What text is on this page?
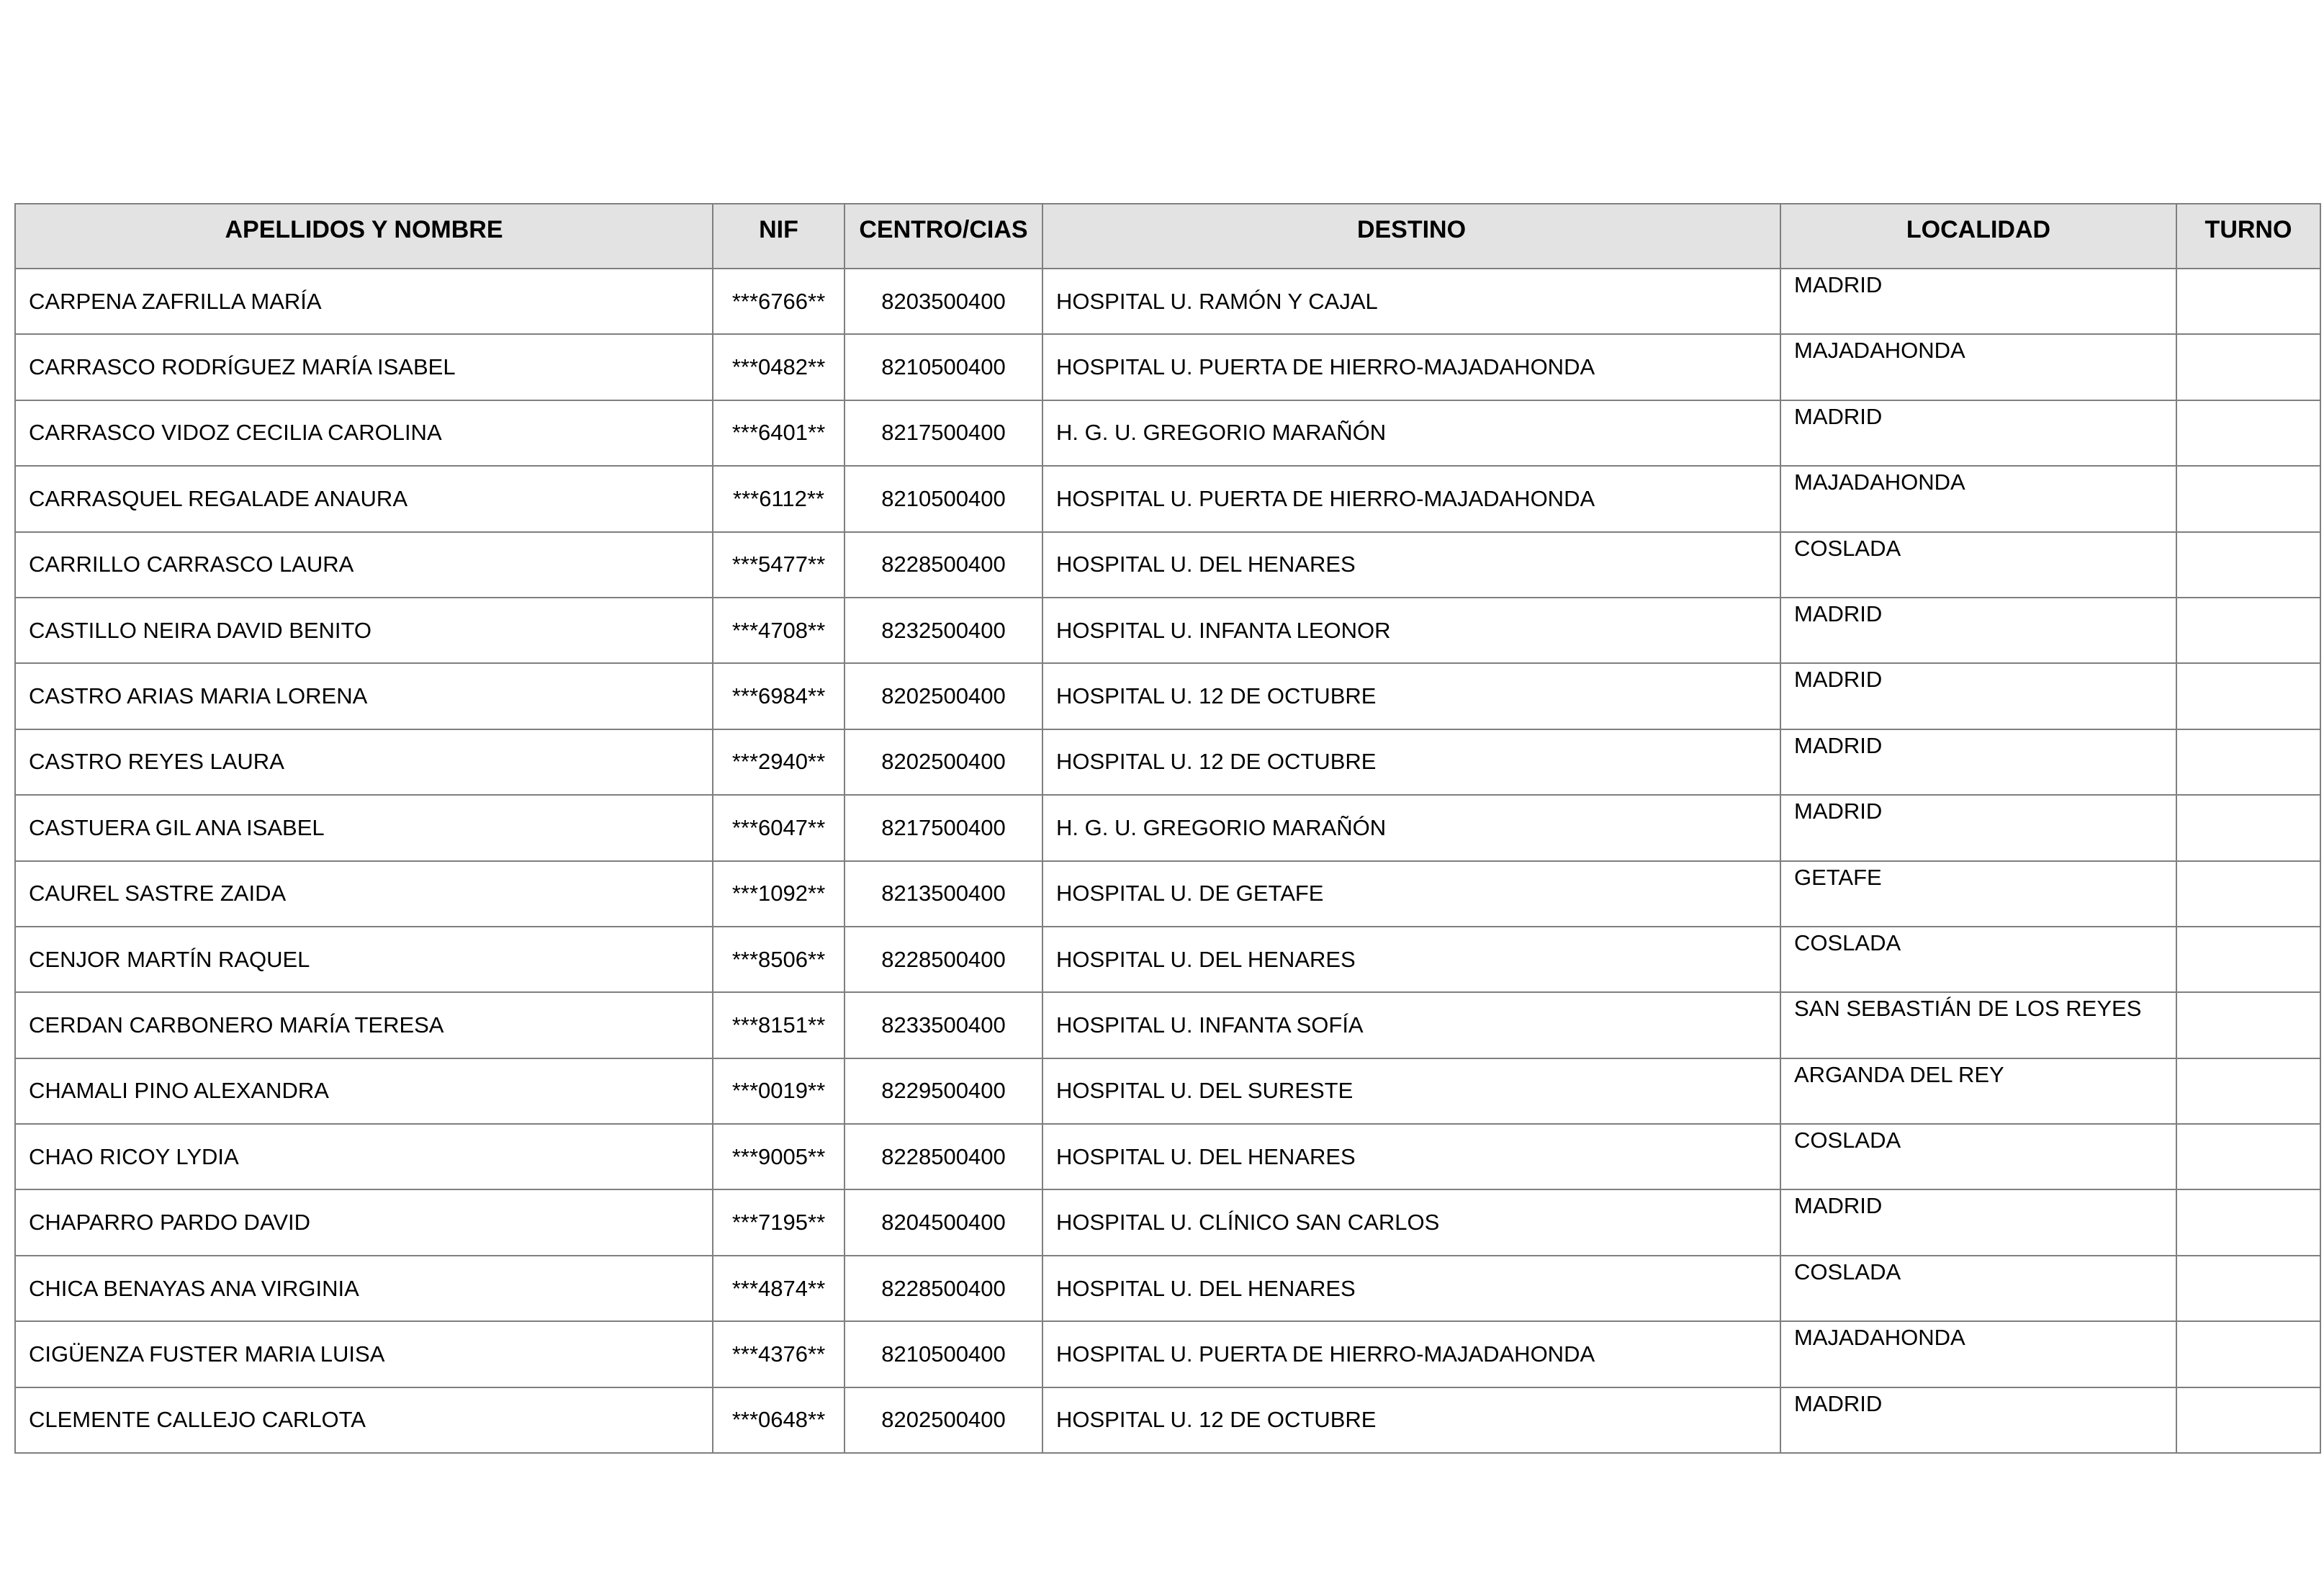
APELLIDOS Y NOMBRE	NIF	CENTRO/CIAS	DESTINO	LOCALIDAD	TURNO
CARPENA ZAFRILLA MARÍA	***6766**	8203500400	HOSPITAL U. RAMÓN Y CAJAL	MADRID	
CARRASCO RODRÍGUEZ MARÍA ISABEL	***0482**	8210500400	HOSPITAL U. PUERTA DE HIERRO-MAJADAHONDA	MAJADAHONDA	
CARRASCO VIDOZ CECILIA CAROLINA	***6401**	8217500400	H. G. U. GREGORIO MARAÑÓN	MADRID	
CARRASQUEL REGALADE ANAURA	***6112**	8210500400	HOSPITAL U. PUERTA DE HIERRO-MAJADAHONDA	MAJADAHONDA	
CARRILLO CARRASCO LAURA	***5477**	8228500400	HOSPITAL U. DEL HENARES	COSLADA	
CASTILLO NEIRA DAVID BENITO	***4708**	8232500400	HOSPITAL U. INFANTA LEONOR	MADRID	
CASTRO ARIAS MARIA LORENA	***6984**	8202500400	HOSPITAL U. 12 DE OCTUBRE	MADRID	
CASTRO REYES LAURA	***2940**	8202500400	HOSPITAL U. 12 DE OCTUBRE	MADRID	
CASTUERA GIL ANA ISABEL	***6047**	8217500400	H. G. U. GREGORIO MARAÑÓN	MADRID	
CAUREL SASTRE ZAIDA	***1092**	8213500400	HOSPITAL U. DE GETAFE	GETAFE	
CENJOR MARTÍN RAQUEL	***8506**	8228500400	HOSPITAL U. DEL HENARES	COSLADA	
CERDAN CARBONERO MARÍA TERESA	***8151**	8233500400	HOSPITAL U. INFANTA SOFÍA	SAN SEBASTIÁN DE LOS REYES	
CHAMALI PINO ALEXANDRA	***0019**	8229500400	HOSPITAL U. DEL SURESTE	ARGANDA DEL REY	
CHAO RICOY LYDIA	***9005**	8228500400	HOSPITAL U. DEL HENARES	COSLADA	
CHAPARRO PARDO DAVID	***7195**	8204500400	HOSPITAL U. CLÍNICO SAN CARLOS	MADRID	
CHICA BENAYAS ANA VIRGINIA	***4874**	8228500400	HOSPITAL U. DEL HENARES	COSLADA	
CIGÜENZA FUSTER MARIA LUISA	***4376**	8210500400	HOSPITAL U. PUERTA DE HIERRO-MAJADAHONDA	MAJADAHONDA	
CLEMENTE CALLEJO CARLOTA	***0648**	8202500400	HOSPITAL U. 12 DE OCTUBRE	MADRID	
